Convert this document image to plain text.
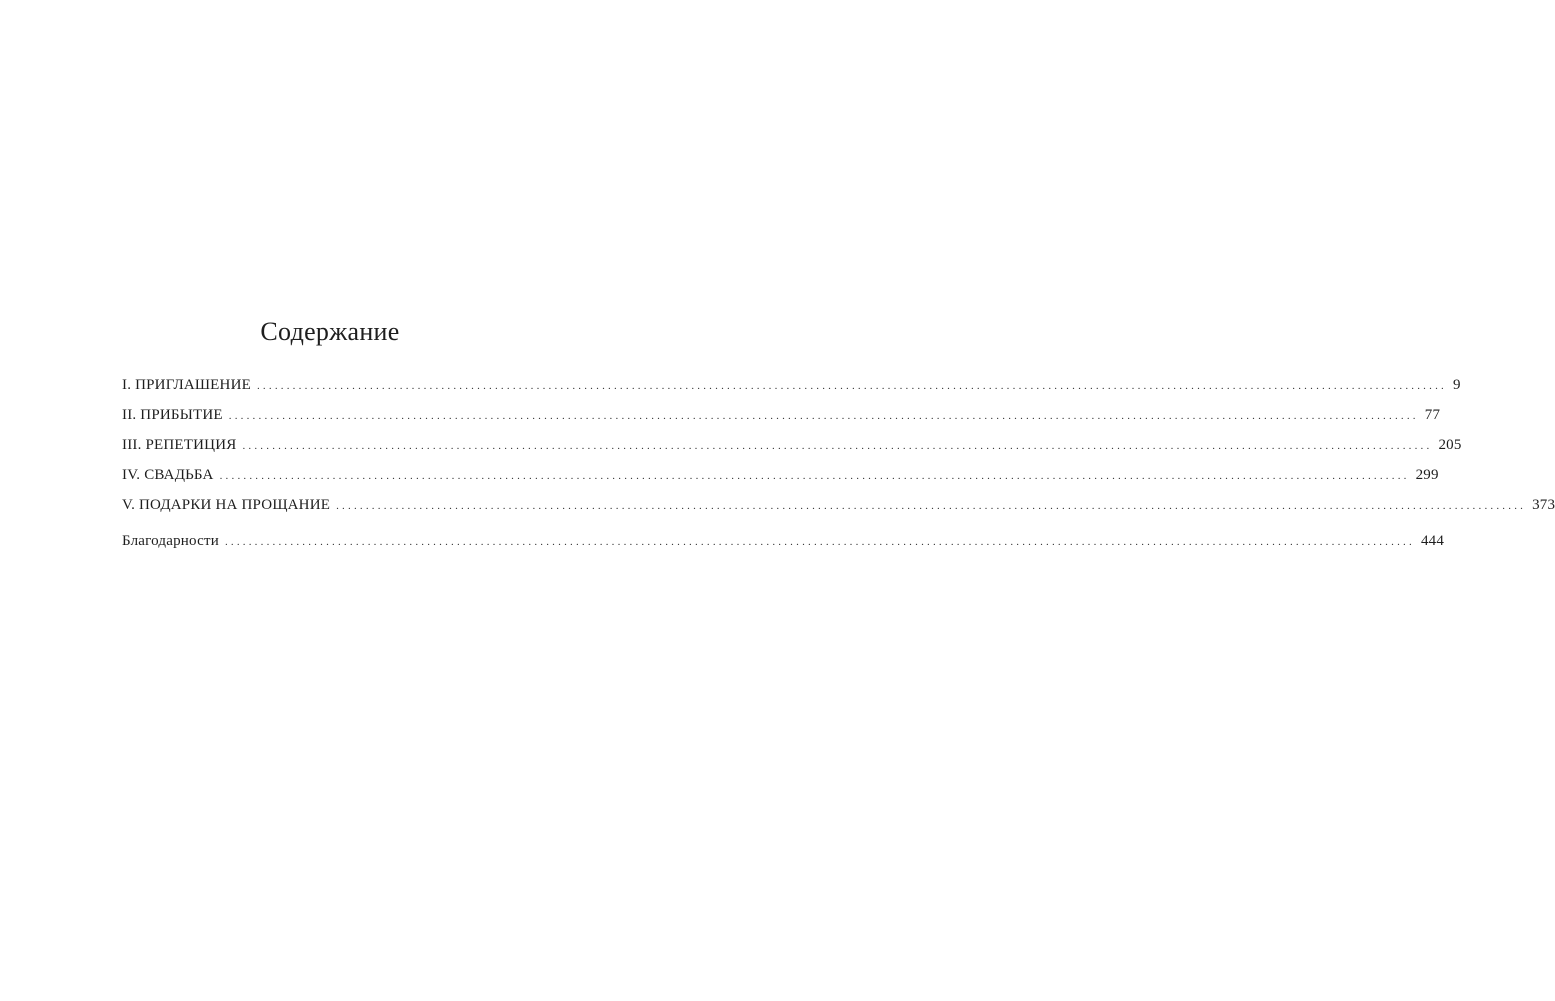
Содержание
I. ПРИГЛАШЕНИЕ ........................................................................................................................................................................................................ 9
II. ПРИБЫТИЕ ........................................................................................................................................................................................................ 77
III. РЕПЕТИЦИЯ ........................................................................................................................................................................................................ 205
IV. СВАДЬБА ........................................................................................................................................................................................................ 299
V. ПОДАРКИ НА ПРОЩАНИЕ ........................................................................................................................................................................................................ 373
Благодарности ........................................................................................................................................................................................................ 444
